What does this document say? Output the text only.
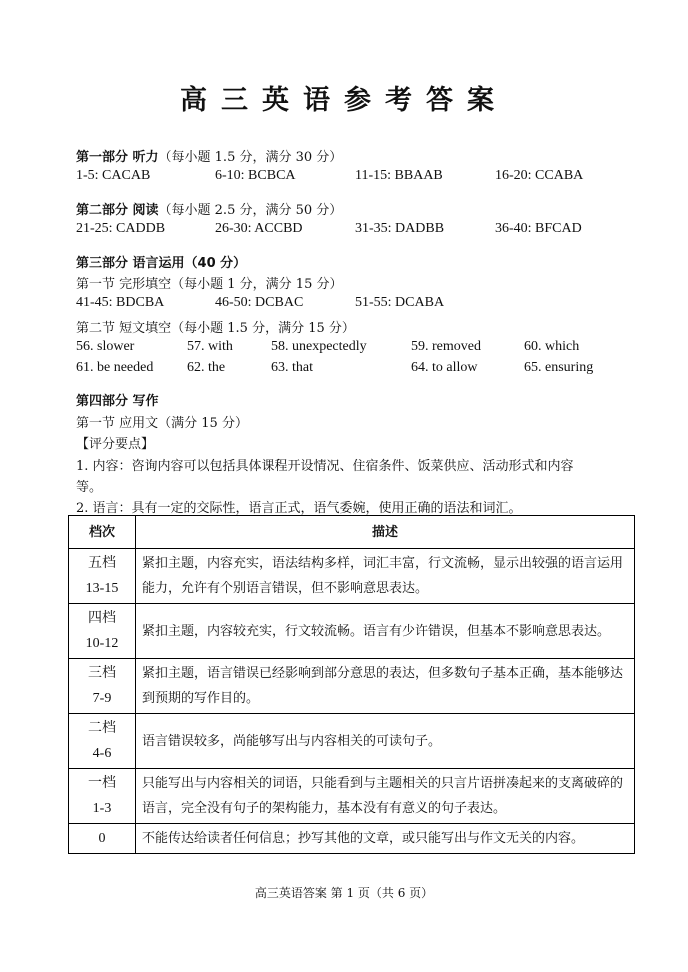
高三英语参考答案
第一部分 听力（每小题 1.5 分，满分 30 分）
1-5: CACAB	6-10: BCBCA	11-15: BBAAB	16-20: CCABA
第二部分 阅读（每小题 2.5 分，满分 50 分）
21-25: CADDB	26-30: ACCBD	31-35: DADBB	36-40: BFCAD
第三部分 语言运用（40 分）
第一节 完形填空（每小题 1 分，满分 15 分）
41-45: BDCBA	46-50: DCBAC	51-55: DCABA
第二节 短文填空（每小题 1.5 分，满分 15 分）
56. slower	57. with	58. unexpectedly	59. removed	60. which
61. be needed 62. the	63. that	64. to allow	65. ensuring
第四部分 写作
第一节 应用文（满分 15 分）
【评分要点】
1. 内容：咨询内容可以包括具体课程开设情况、住宿条件、饭菜供应、活动形式和内容
等。
2. 语言：具有一定的交际性，语言正式，语气委婉，使用正确的语法和词汇。
档次	描述
五档
13-15	紧扣主题，内容充实，语法结构多样，词汇丰富，行文流畅，显示出较强的语言运用能力，允许有个别语言错误，但不影响意思表达。
四档
10-12	紧扣主题，内容较充实，行文较流畅。语言有少许错误，但基本不影响意思表达。
三档
7-9	紧扣主题，语言错误已经影响到部分意思的表达，但多数句子基本正确，基本能够达到预期的写作目的。
二档
4-6	语言错误较多，尚能够写出与内容相关的可读句子。
一档
1-3	只能写出与内容相关的词语，只能看到与主题相关的只言片语拼凑起来的支离破碎的语言，完全没有句子的架构能力，基本没有有意义的句子表达。
0	不能传达给读者任何信息；抄写其他的文章，或只能写出与作文无关的内容。
高三英语答案 第 1 页（共 6 页）
